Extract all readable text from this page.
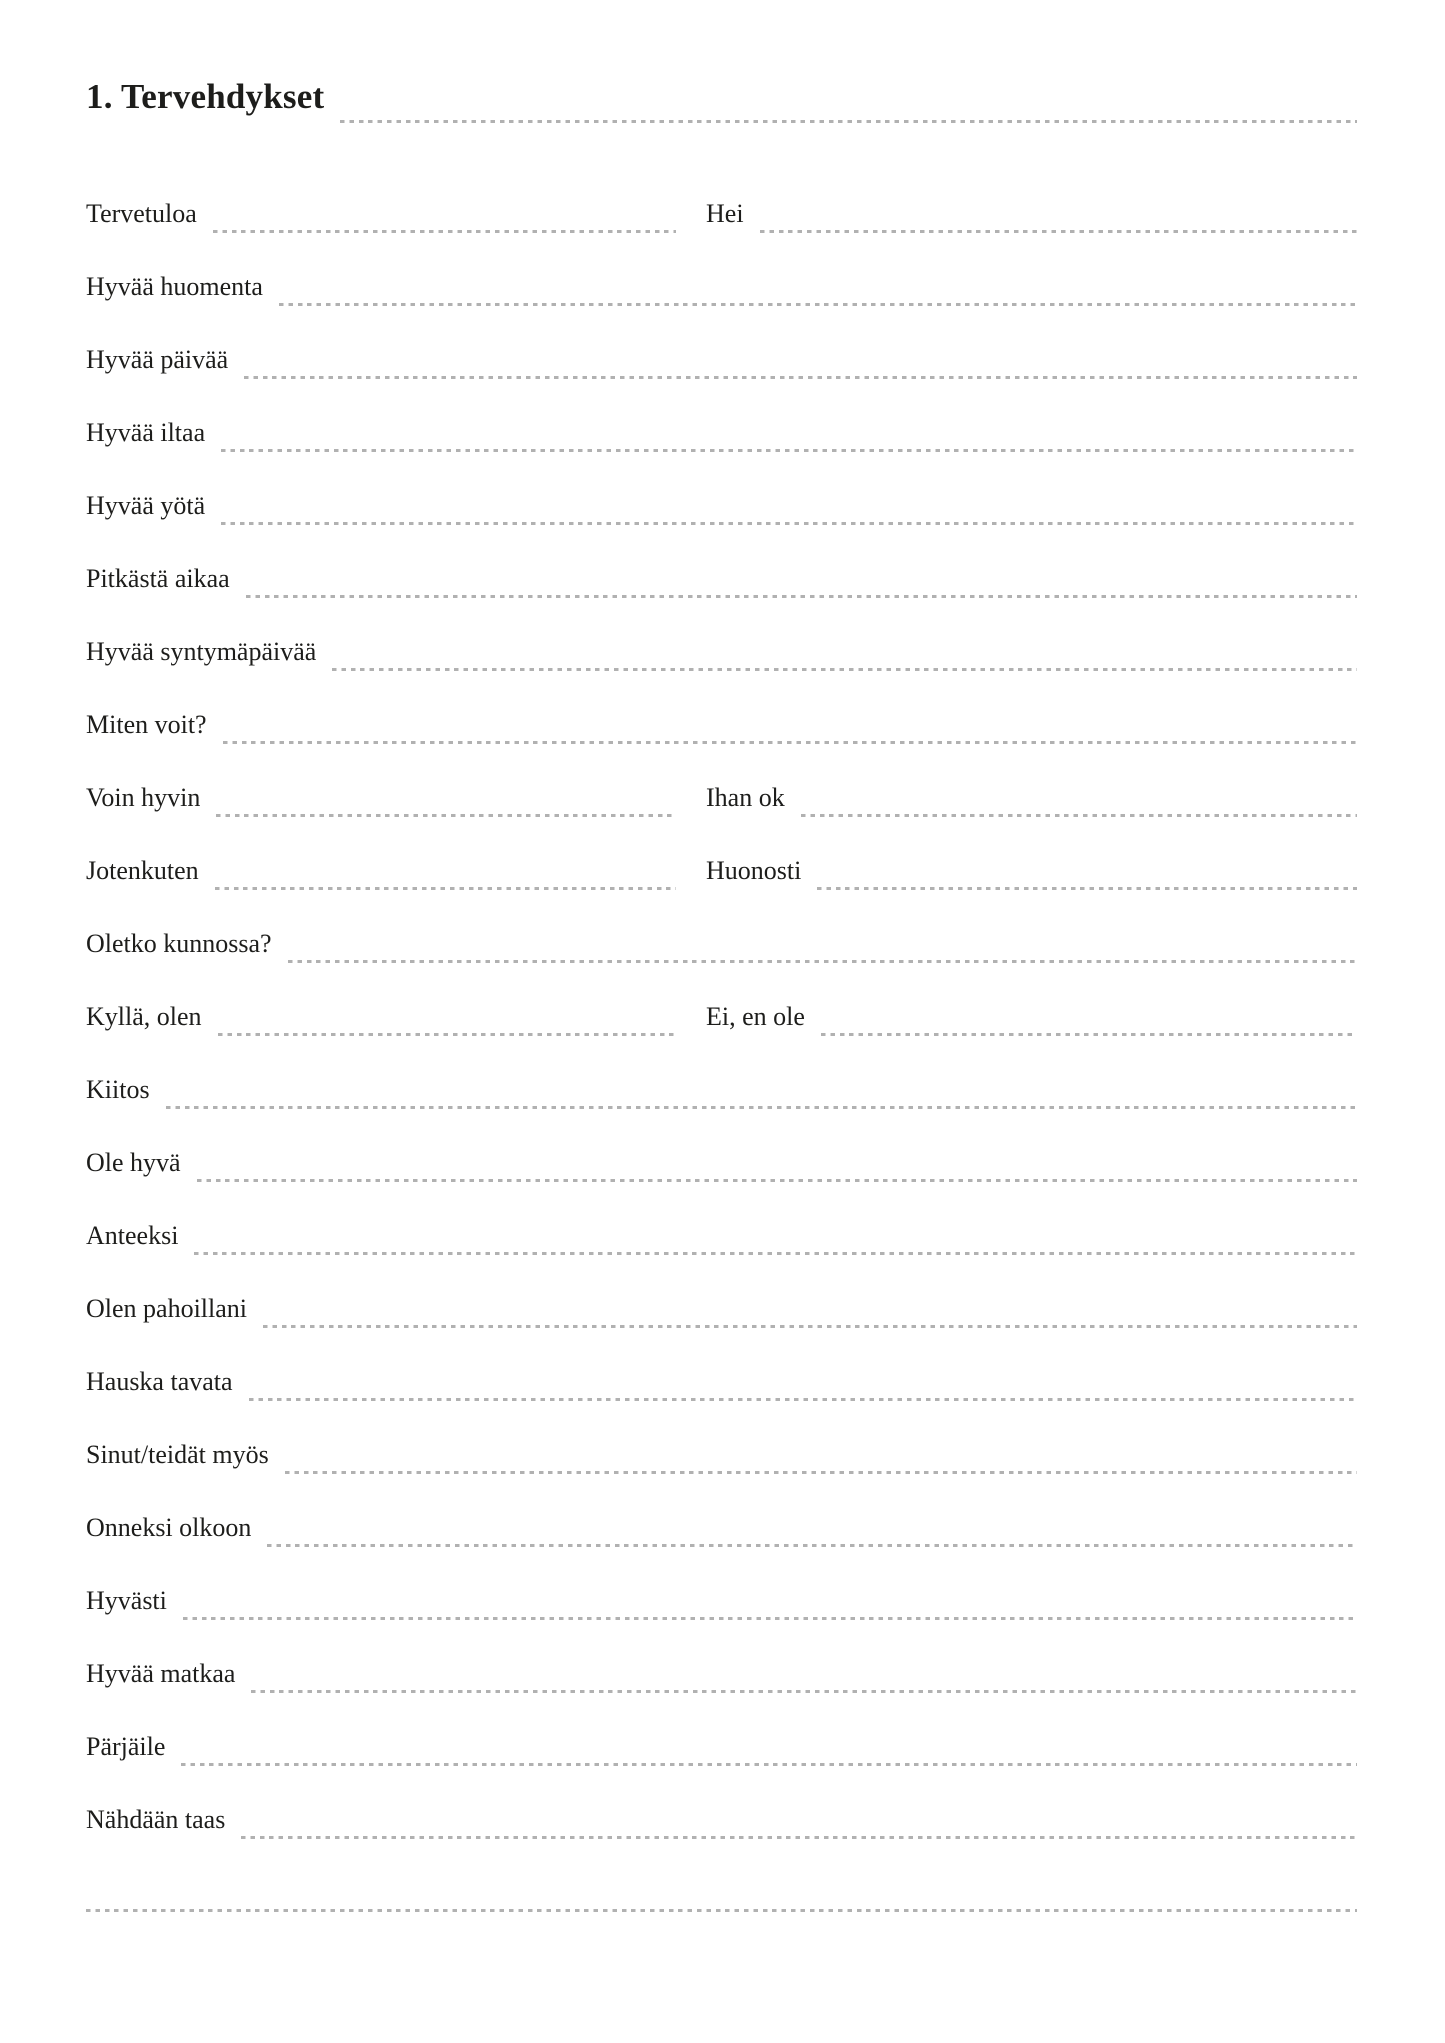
1. Tervehdykset
Tervetuloa	Hei
Hyvää huomenta
Hyvää päivää
Hyvää iltaa
Hyvää yötä
Pitkästä aikaa
Hyvää syntymäpäivää
Miten voit?
Voin hyvin	Ihan ok
Jotenkuten	Huonosti
Oletko kunnossa?
Kyllä, olen	Ei, en ole
Kiitos
Ole hyvä
Anteeksi
Olen pahoillani
Hauska tavata
Sinut/teidät myös
Onneksi olkoon
Hyvästi
Hyvää matkaa
Pärjäile
Nähdään taas
